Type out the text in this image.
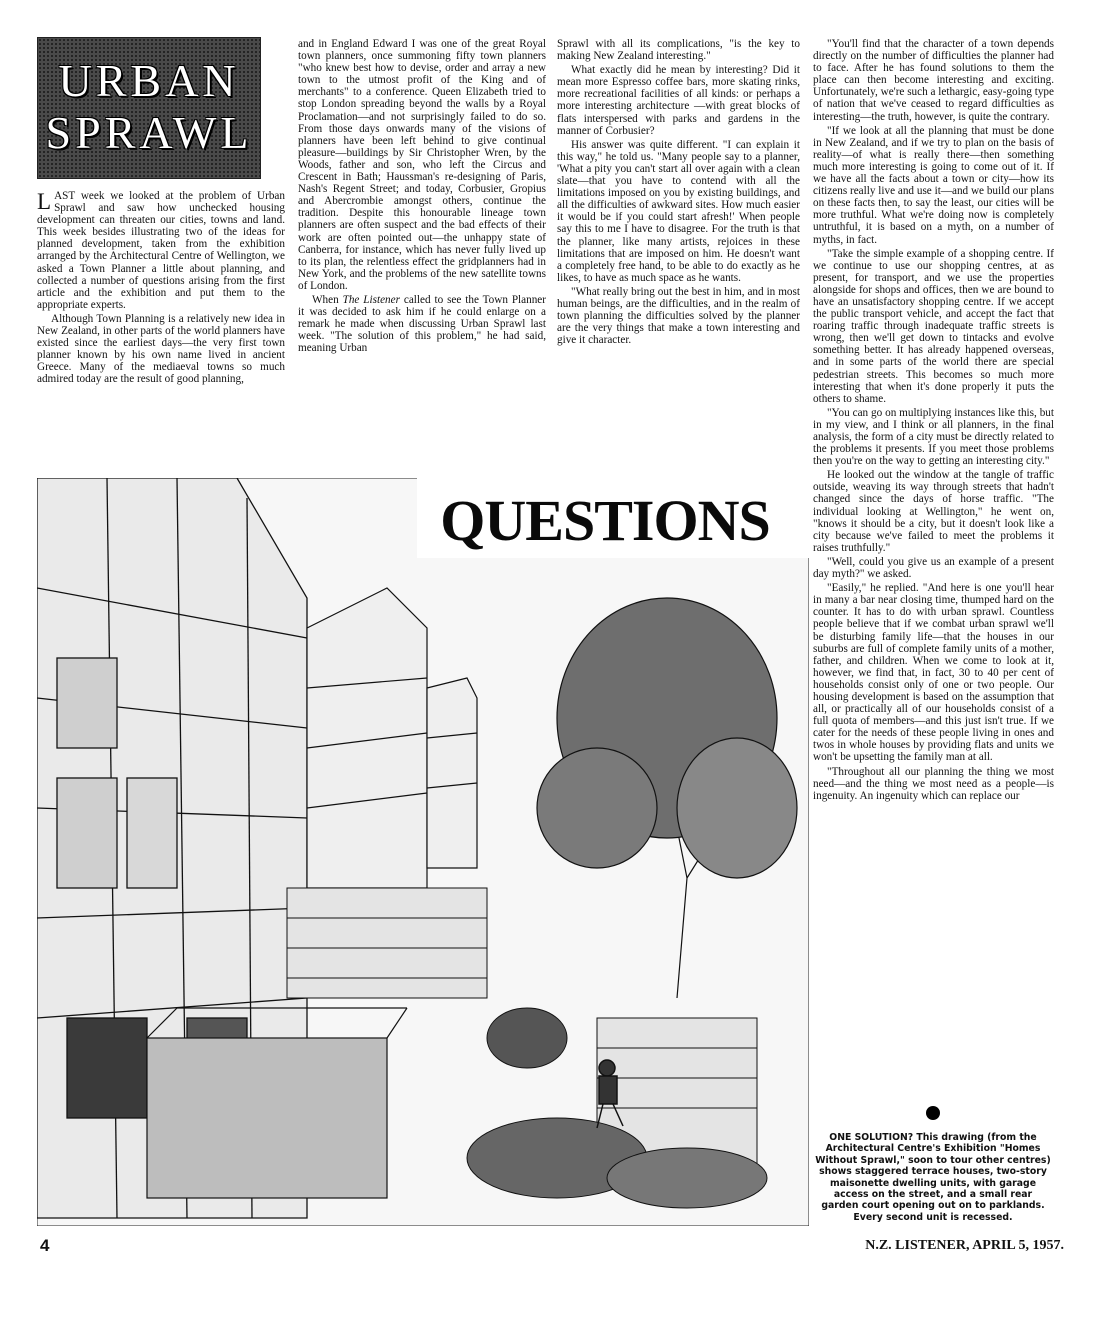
URBAN
SPRAWL

LAST week we looked at the problem of Urban Sprawl and saw how unchecked housing development can threaten our cities, towns and land. This week besides illustrating two of the ideas for planned development, taken from the exhibition arranged by the Architectural Centre of Wellington, we asked a Town Planner a little about planning, and collected a number of questions arising from the first article and the exhibition and put them to the appropriate experts.

Although Town Planning is a relatively new idea in New Zealand, in other parts of the world planners have existed since the earliest days—the very first town planner known by his own name lived in ancient Greece. Many of the mediaeval towns so much admired today are the result of good planning,

and in England Edward I was one of the great Royal town planners, once summoning fifty town planners "who knew best how to devise, order and array a new town to the utmost profit of the King and of merchants" to a conference. Queen Elizabeth tried to stop London spreading beyond the walls by a Royal Proclamation—and not surprisingly failed to do so. From those days onwards many of the visions of planners have been left behind to give continual pleasure—buildings by Sir Christopher Wren, by the Woods, father and son, who left the Circus and Crescent in Bath; Haussman's re-designing of Paris, Nash's Regent Street; and today, Corbusier, Gropius and Abercrombie amongst others, continue the tradition. Despite this honourable lineage town planners are often suspect and the bad effects of their work are often pointed out—the unhappy state of Canberra, for instance, which has never fully lived up to its plan, the relentless effect the gridplanners had in New York, and the problems of the new satellite towns of London.

When The Listener called to see the Town Planner it was decided to ask him if he could enlarge on a remark he made when discussing Urban Sprawl last week. "The solution of this problem," he had said, meaning Urban

Sprawl with all its complications, "is the key to making New Zealand interesting."

What exactly did he mean by interesting? Did it mean more Espresso coffee bars, more skating rinks, more recreational facilities of all kinds: or perhaps a more interesting architecture —with great blocks of flats interspersed with parks and gardens in the manner of Corbusier?

His answer was quite different. "I can explain it this way," he told us. "Many people say to a planner, 'What a pity you can't start all over again with a clean slate—that you have to contend with all the limitations imposed on you by existing buildings, and all the difficulties of awkward sites. How much easier it would be if you could start afresh!' When people say this to me I have to disagree. For the truth is that the planner, like many artists, rejoices in these limitations that are imposed on him. He doesn't want a completely free hand, to be able to do exactly as he likes, to have as much space as he wants.

"What really bring out the best in him, and in most human beings, are the difficulties, and in the realm of town planning the difficulties solved by the planner are the very things that make a town interesting and give it character.

"You'll find that the character of a town depends directly on the number of difficulties the planner had to face. After he has found solutions to them the place can then become interesting and exciting. Unfortunately, we're such a lethargic, easy-going type of nation that we've ceased to regard difficulties as interesting—the truth, however, is quite the contrary.

"If we look at all the planning that must be done in New Zealand, and if we try to plan on the basis of reality—of what is really there—then something much more interesting is going to come out of it. If we have all the facts about a town or city—how its citizens really live and use it—and we build our plans on these facts then, to say the least, our cities will be more truthful. What we're doing now is completely untruthful, it is based on a myth, on a number of myths, in fact.

"Take the simple example of a shopping centre. If we continue to use our shopping centres, at as present, for transport, and we use the properties alongside for shops and offices, then we are bound to have an unsatisfactory shopping centre. If we accept the public transport vehicle, and accept the fact that roaring traffic through inadequate traffic streets is wrong, then we'll get down to tintacks and evolve something better. It has already happened overseas, and in some parts of the world there are special pedestrian streets. This becomes so much more interesting that when it's done properly it puts the others to shame.

"You can go on multiplying instances like this, but in my view, and I think or all planners, in the final analysis, the form of a city must be directly related to the problems it presents. If you meet those problems then you're on the way to getting an interesting city."

He looked out the window at the tangle of traffic outside, weaving its way through streets that hadn't changed since the days of horse traffic. "The individual looking at Wellington," he went on, "knows it should be a city, but it doesn't look like a city because we've failed to meet the problems it raises truthfully."

"Well, could you give us an example of a present day myth?" we asked.

"Easily," he replied. "And here is one you'll hear in many a bar near closing time, thumped hard on the counter. It has to do with urban sprawl. Countless people believe that if we combat urban sprawl we'll be disturbing family life—that the houses in our suburbs are full of complete family units of a mother, father, and children. When we come to look at it, however, we find that, in fact, 30 to 40 per cent of households consist only of one or two people. Our housing development is based on the assumption that all, or practically all of our households consist of a full quota of members—and this just isn't true. If we cater for the needs of these people living in ones and twos in whole houses by providing flats and units we won't be upsetting the family man at all.

"Throughout all our planning the thing we most need—and the thing we most need as a people—is ingenuity. An ingenuity which can replace our

QUESTIONS
ONE SOLUTION? This drawing (from the Architectural Centre's Exhibition "Homes Without Sprawl," soon to tour other centres) shows staggered terrace houses, two-story maisonette dwelling units, with garage access on the street, and a small rear garden court opening out on to parklands. Every second unit is recessed.
4	N.Z. LISTENER, APRIL 5, 1957.
